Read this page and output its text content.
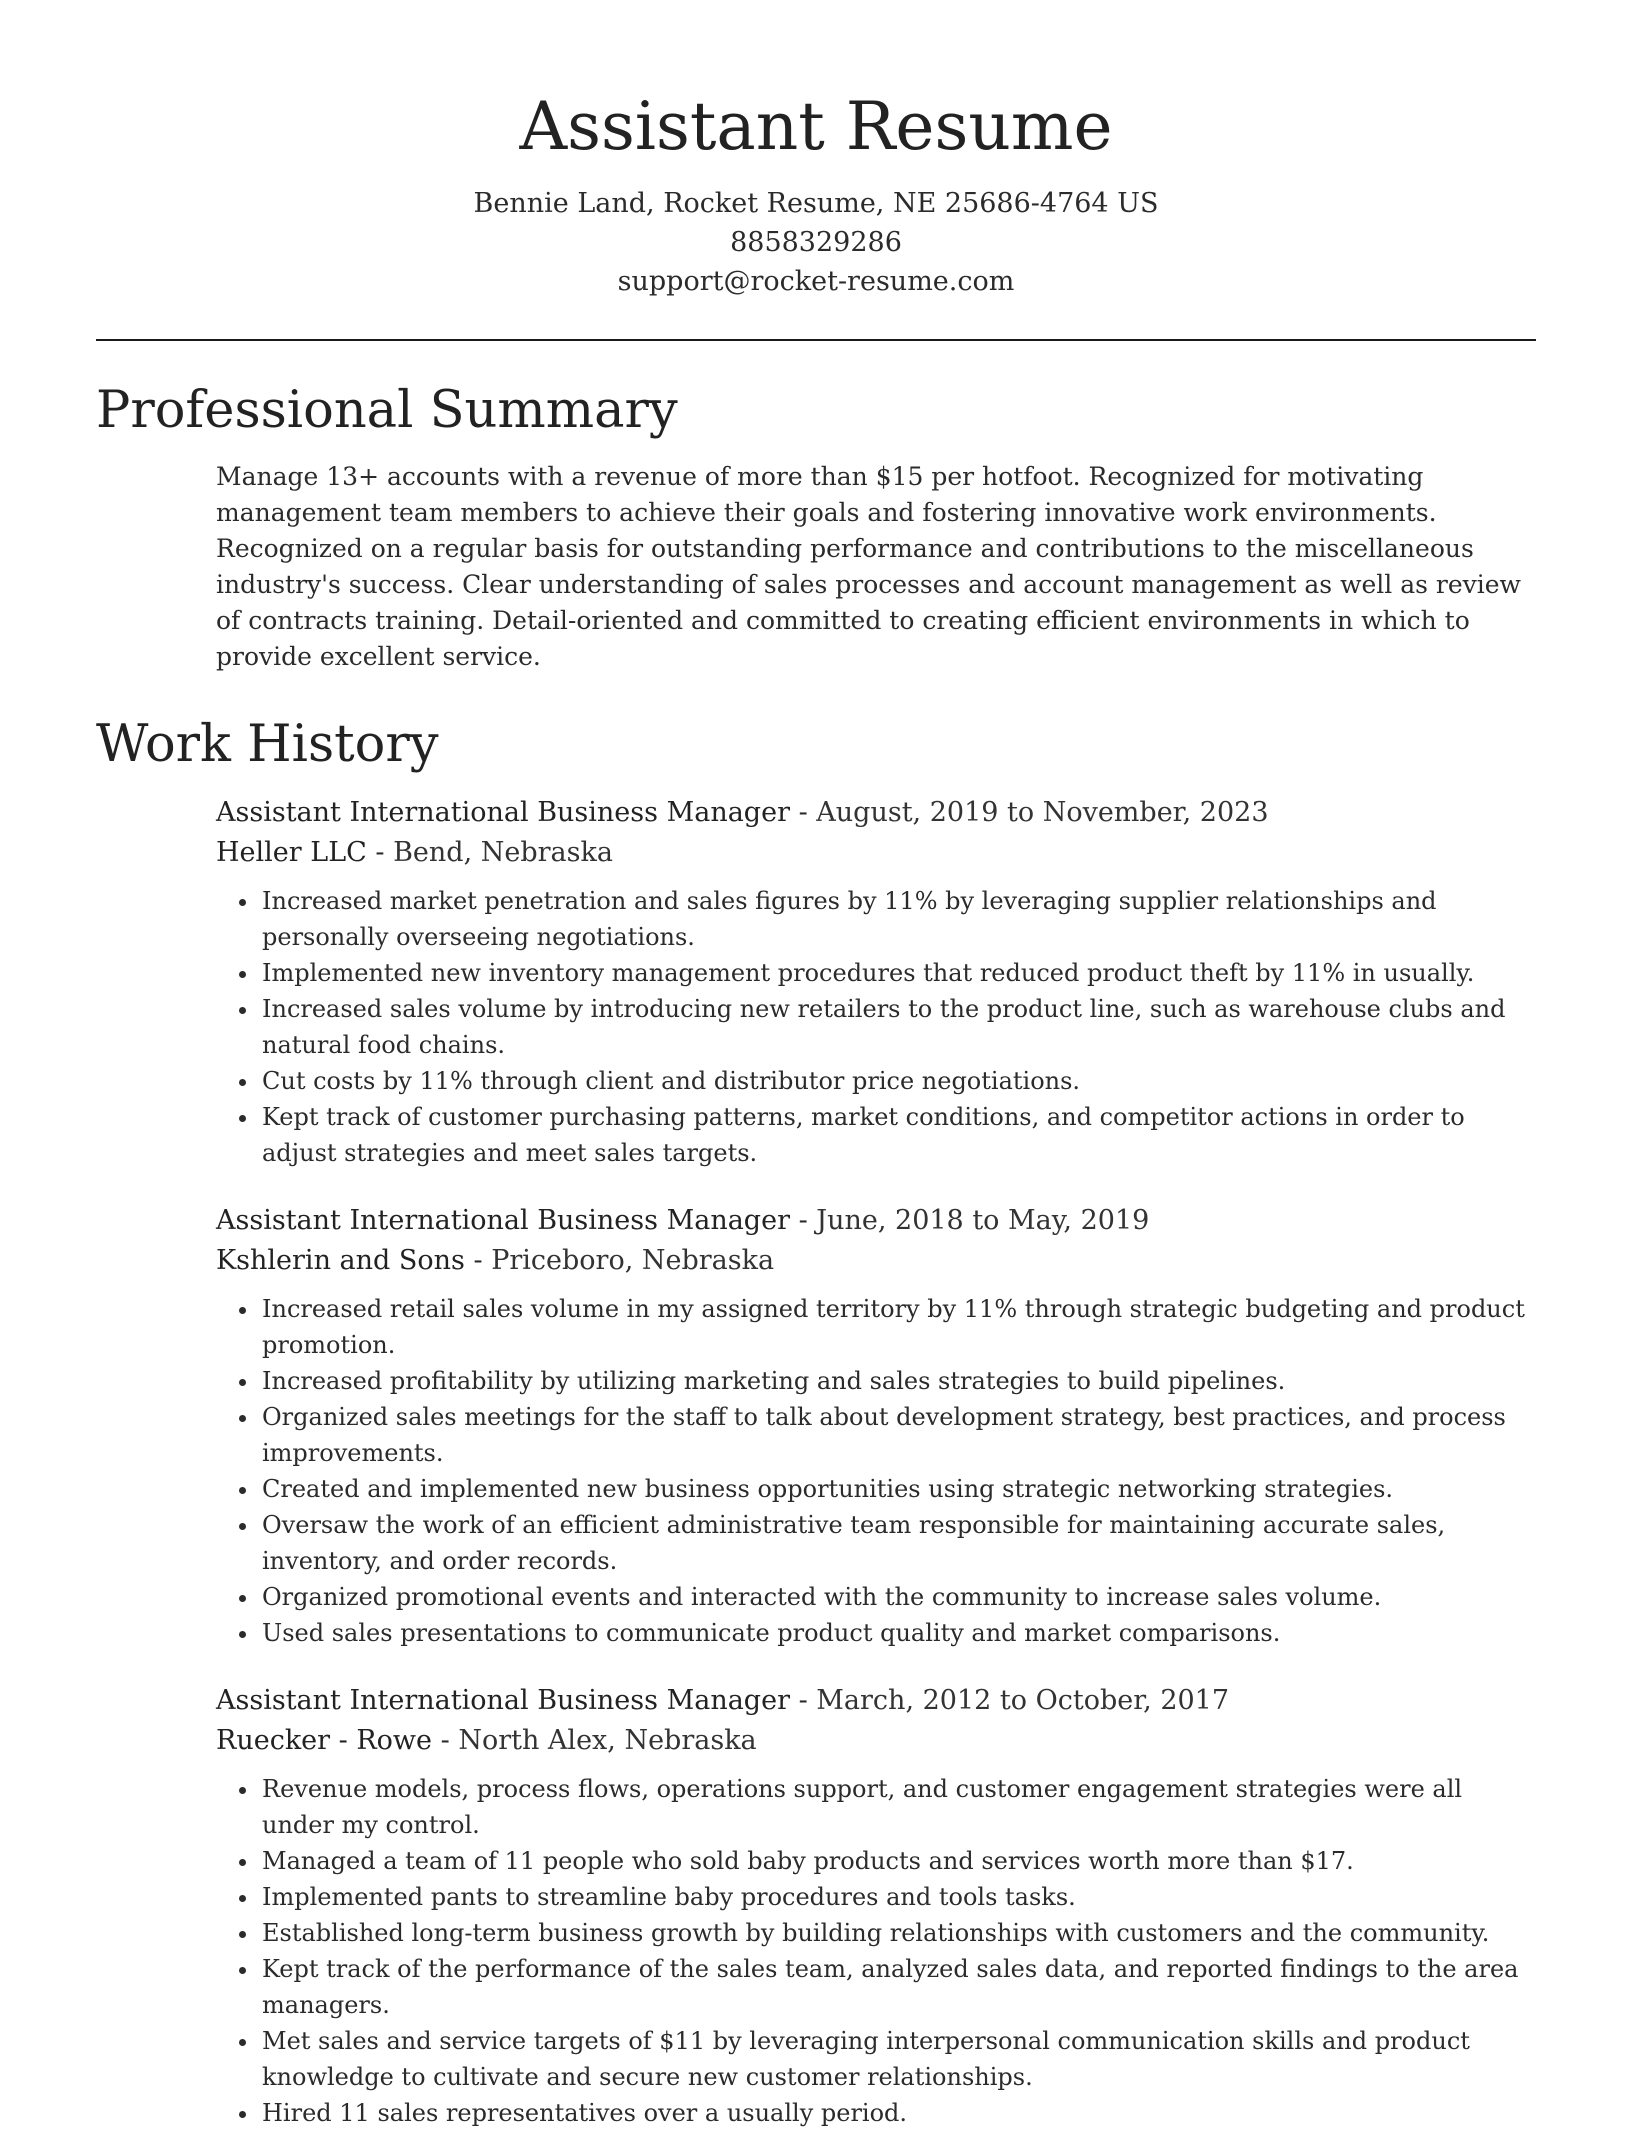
Assistant Resume
Bennie Land, Rocket Resume, NE 25686-4764 US
8858329286
support@rocket-resume.com
Professional Summary
Manage 13+ accounts with a revenue of more than $15 per hotfoot. Recognized for motivating management team members to achieve their goals and fostering innovative work environments. Recognized on a regular basis for outstanding performance and contributions to the miscellaneous industry's success. Clear understanding of sales processes and account management as well as review of contracts training. Detail-oriented and committed to creating efficient environments in which to provide excellent service.
Work History
Assistant International Business Manager - August, 2019 to November, 2023
Heller LLC - Bend, Nebraska
• Increased market penetration and sales figures by 11% by leveraging supplier relationships and personally overseeing negotiations.
• Implemented new inventory management procedures that reduced product theft by 11% in usually.
• Increased sales volume by introducing new retailers to the product line, such as warehouse clubs and natural food chains.
• Cut costs by 11% through client and distributor price negotiations.
• Kept track of customer purchasing patterns, market conditions, and competitor actions in order to adjust strategies and meet sales targets.
Assistant International Business Manager - June, 2018 to May, 2019
Kshlerin and Sons - Priceboro, Nebraska
• Increased retail sales volume in my assigned territory by 11% through strategic budgeting and product promotion.
• Increased profitability by utilizing marketing and sales strategies to build pipelines.
• Organized sales meetings for the staff to talk about development strategy, best practices, and process improvements.
• Created and implemented new business opportunities using strategic networking strategies.
• Oversaw the work of an efficient administrative team responsible for maintaining accurate sales, inventory, and order records.
• Organized promotional events and interacted with the community to increase sales volume.
• Used sales presentations to communicate product quality and market comparisons.
Assistant International Business Manager - March, 2012 to October, 2017
Ruecker - Rowe - North Alex, Nebraska
• Revenue models, process flows, operations support, and customer engagement strategies were all under my control.
• Managed a team of 11 people who sold baby products and services worth more than $17.
• Implemented pants to streamline baby procedures and tools tasks.
• Established long-term business growth by building relationships with customers and the community.
• Kept track of the performance of the sales team, analyzed sales data, and reported findings to the area managers.
• Met sales and service targets of $11 by leveraging interpersonal communication skills and product knowledge to cultivate and secure new customer relationships.
• Hired 11 sales representatives over a usually period.
